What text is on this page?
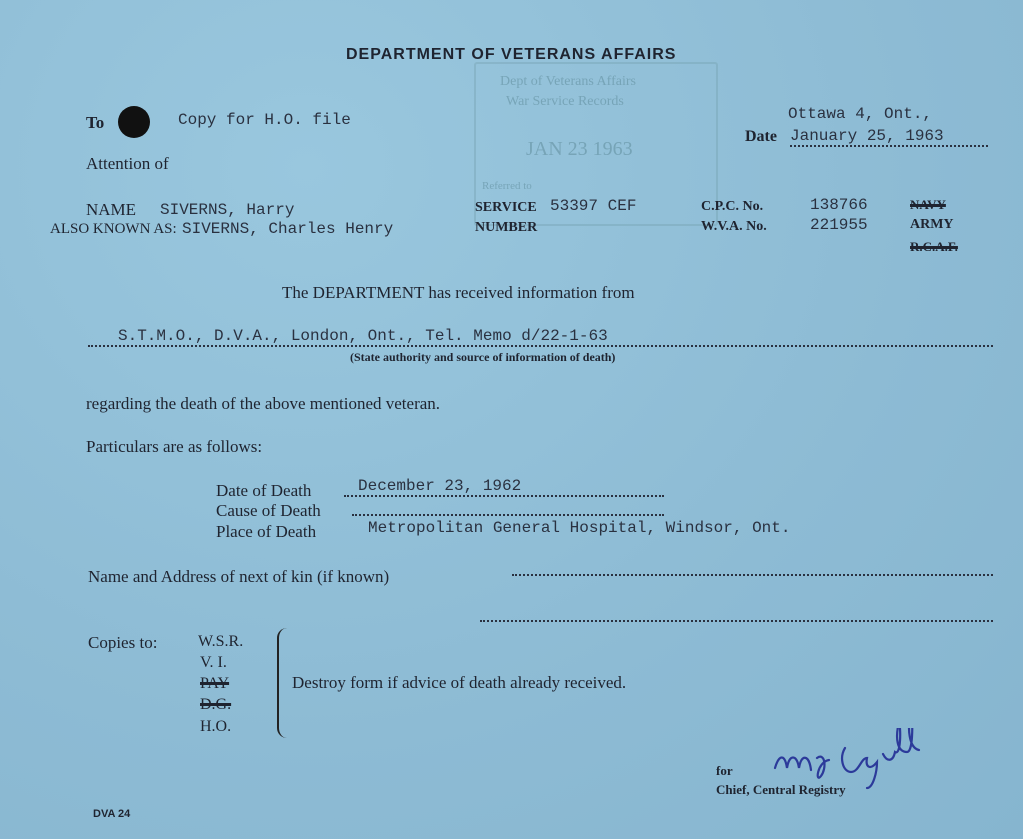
DEPARTMENT OF VETERANS AFFAIRS
Dept of Veterans Affairs
War Service Records
JAN 23 1963
Referred to
To	Copy for H.O. file	Ottawa 4, Ont.,
Date January 25, 1963
Attention of
NAME SIVERNS, Harry
ALSO KNOWN AS: SIVERNS, Charles Henry
SERVICE
NUMBER
53397 CEF	C.P.C. No.	138766
W.V.A. No.	221955
NAVY
ARMY
R.C.A.F.
The DEPARTMENT has received information from
S.T.M.O., D.V.A., London, Ont., Tel. Memo d/22-1-63
(State authority and source of information of death)
regarding the death of the above mentioned veteran.
Particulars are as follows:
Date of Death	December 23, 1962
Cause of Death
Place of Death	Metropolitan General Hospital, Windsor, Ont.
Name and Address of next of kin (if known)
Copies to:	W.S.R.
V. I.
PAY
D.G.
H.O.
Destroy form if advice of death already received.
for
Chief, Central Registry
DVA 24
